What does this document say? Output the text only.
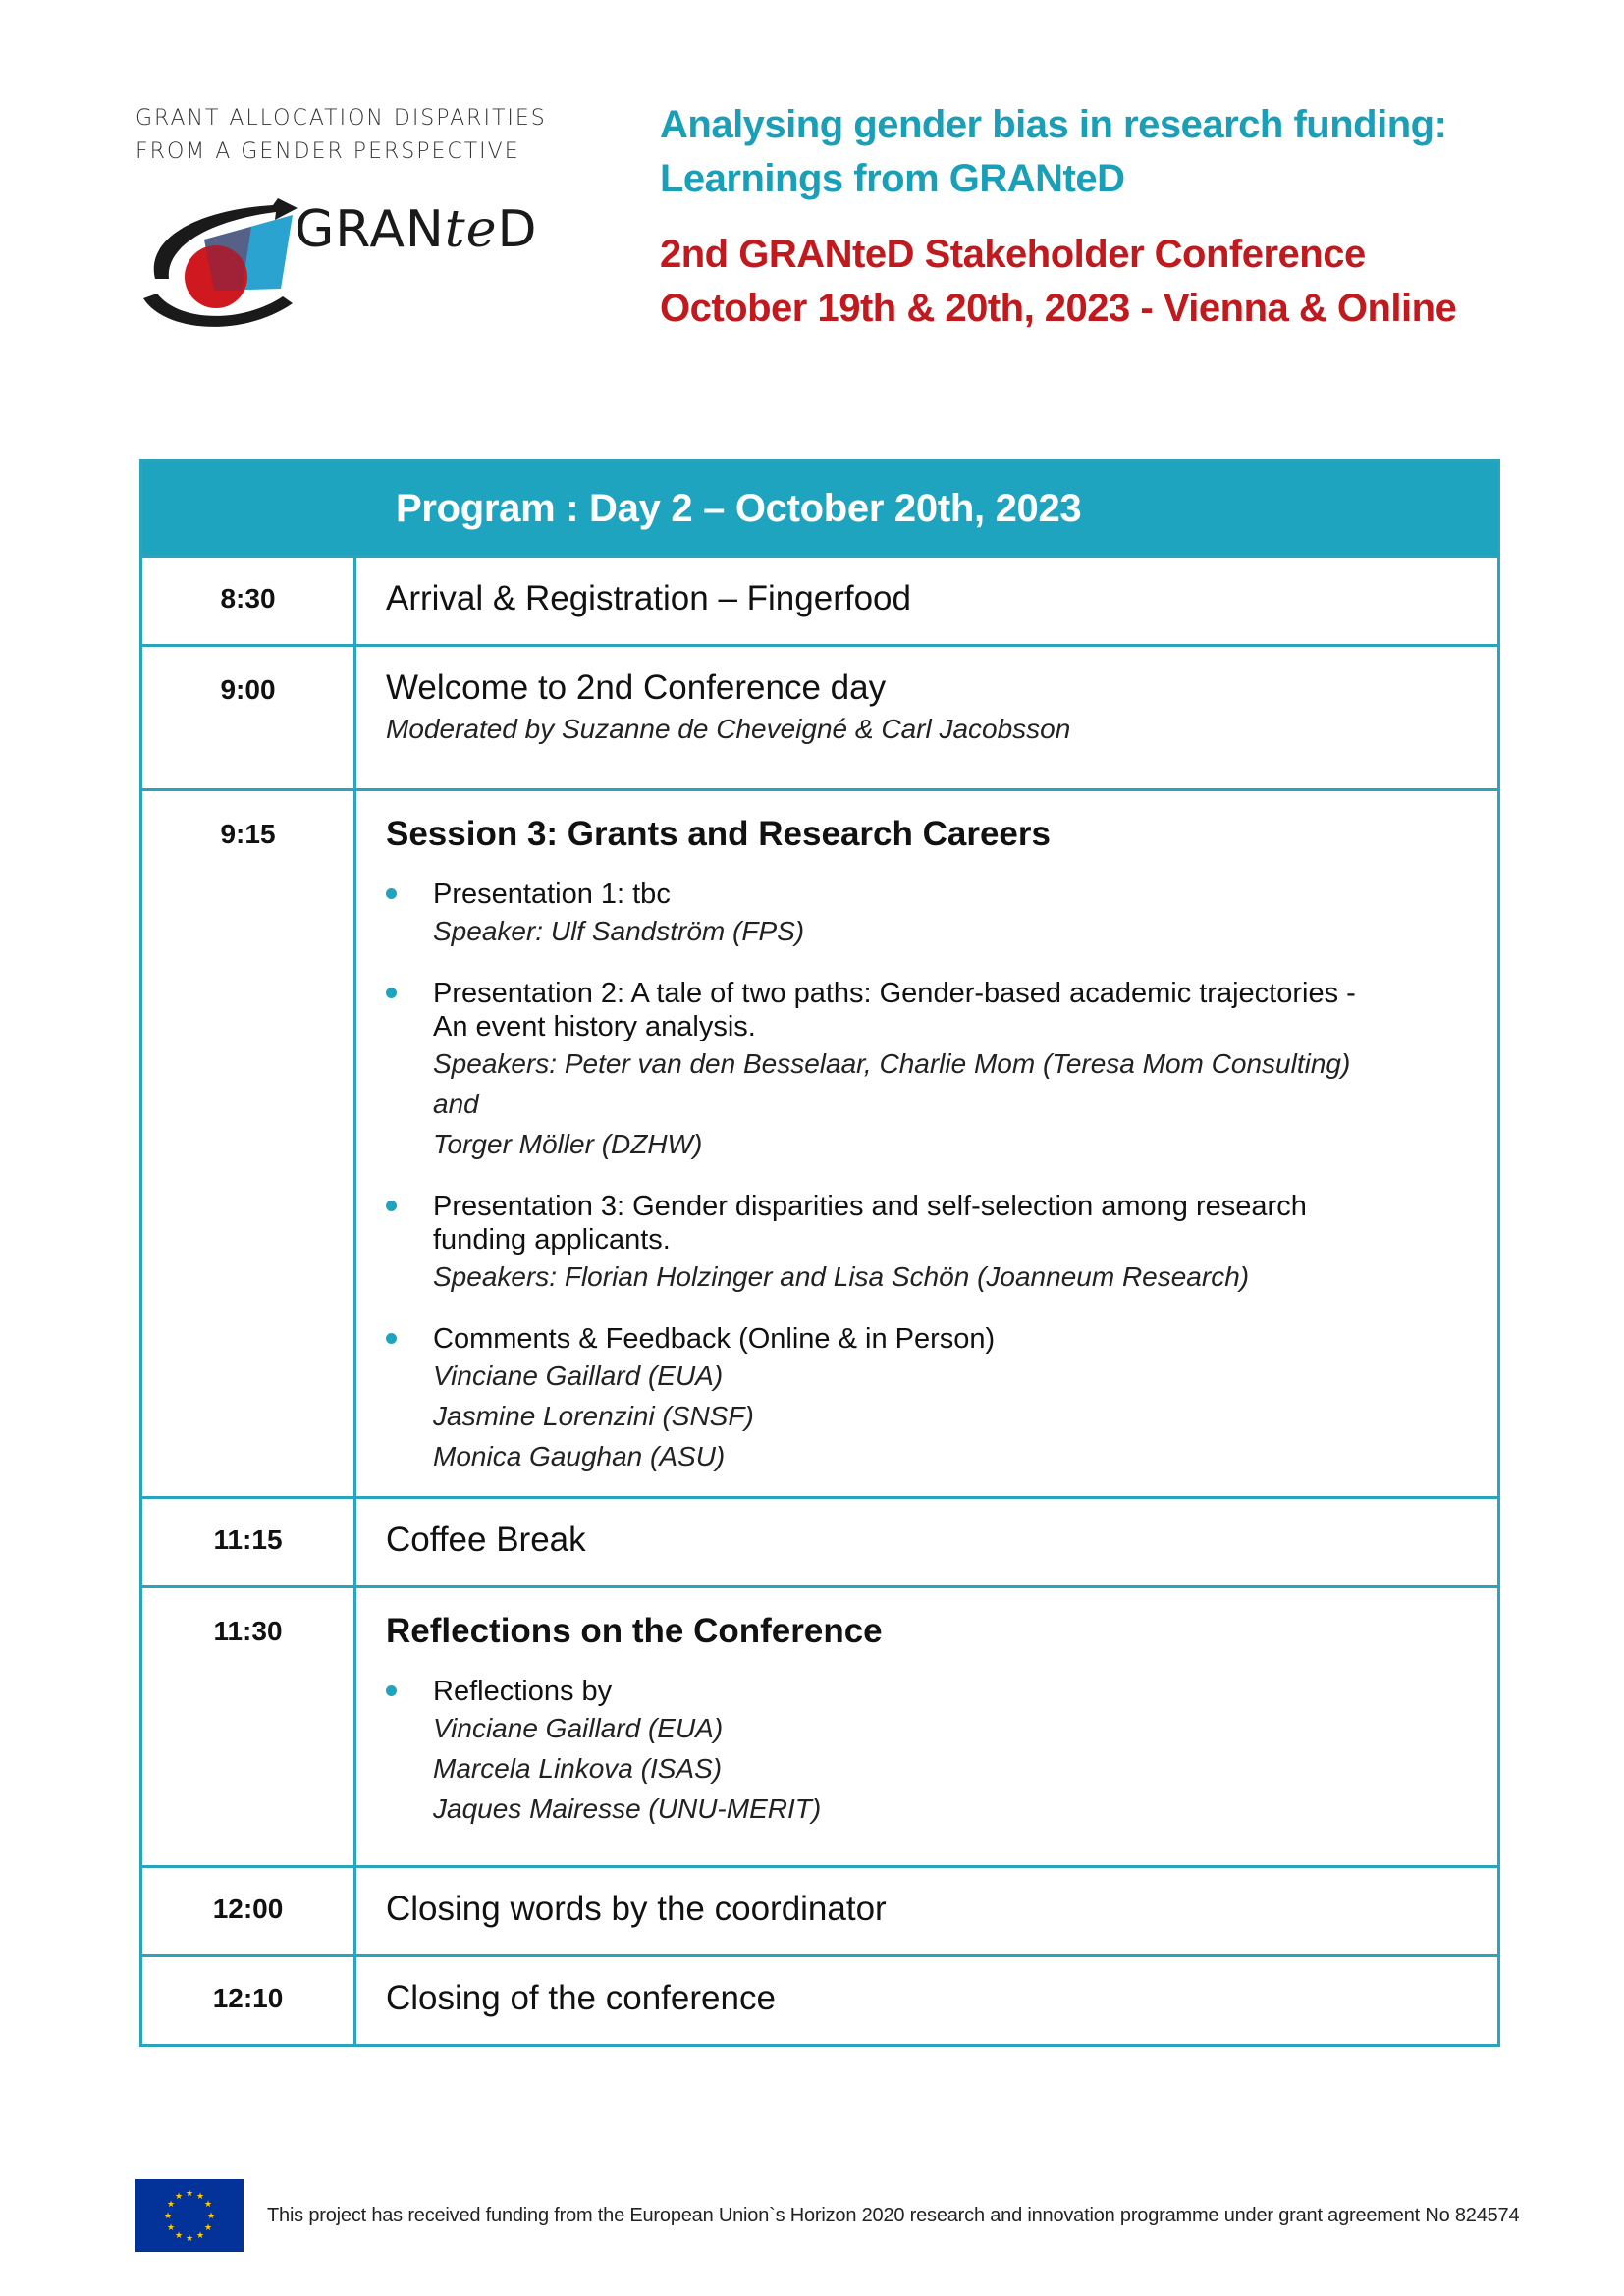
GRANT ALLOCATION DISPARITIES
FROM A GENDER PERSPECTIVE
GRANteD
Analysing gender bias in research funding:
Learnings from GRANteD
2nd GRANteD Stakeholder Conference
October 19th & 20th, 2023 - Vienna & Online
Program : Day 2 – October 20th, 2023
8:30	Arrival & Registration – Fingerfood
9:00	Welcome to 2nd Conference day
Moderated by Suzanne de Cheveigné & Carl Jacobsson
9:15	Session 3: Grants and Research Careers
Presentation 1: tbc
Speaker: Ulf Sandström (FPS)
Presentation 2: A tale of two paths: Gender-based academic trajectories -
An event history analysis.
Speakers: Peter van den Besselaar, Charlie Mom (Teresa Mom Consulting) and
Torger Möller (DZHW)
Presentation 3: Gender disparities and self-selection among research
funding applicants.
Speakers: Florian Holzinger and Lisa Schön (Joanneum Research)
Comments & Feedback (Online & in Person)
Vinciane Gaillard (EUA)
Jasmine Lorenzini (SNSF)
Monica Gaughan (ASU)
11:15	Coffee Break
11:30	Reflections on the Conference
Reflections by
Vinciane Gaillard (EUA)
Marcela Linkova (ISAS)
Jaques Mairesse (UNU-MERIT)
12:00	Closing words by the coordinator
12:10	Closing of the conference
★ ★
★
★
★
★
★
★
★
★
★
★
This project has received funding from the European Union`s Horizon 2020 research and innovation programme under grant agreement No 824574
